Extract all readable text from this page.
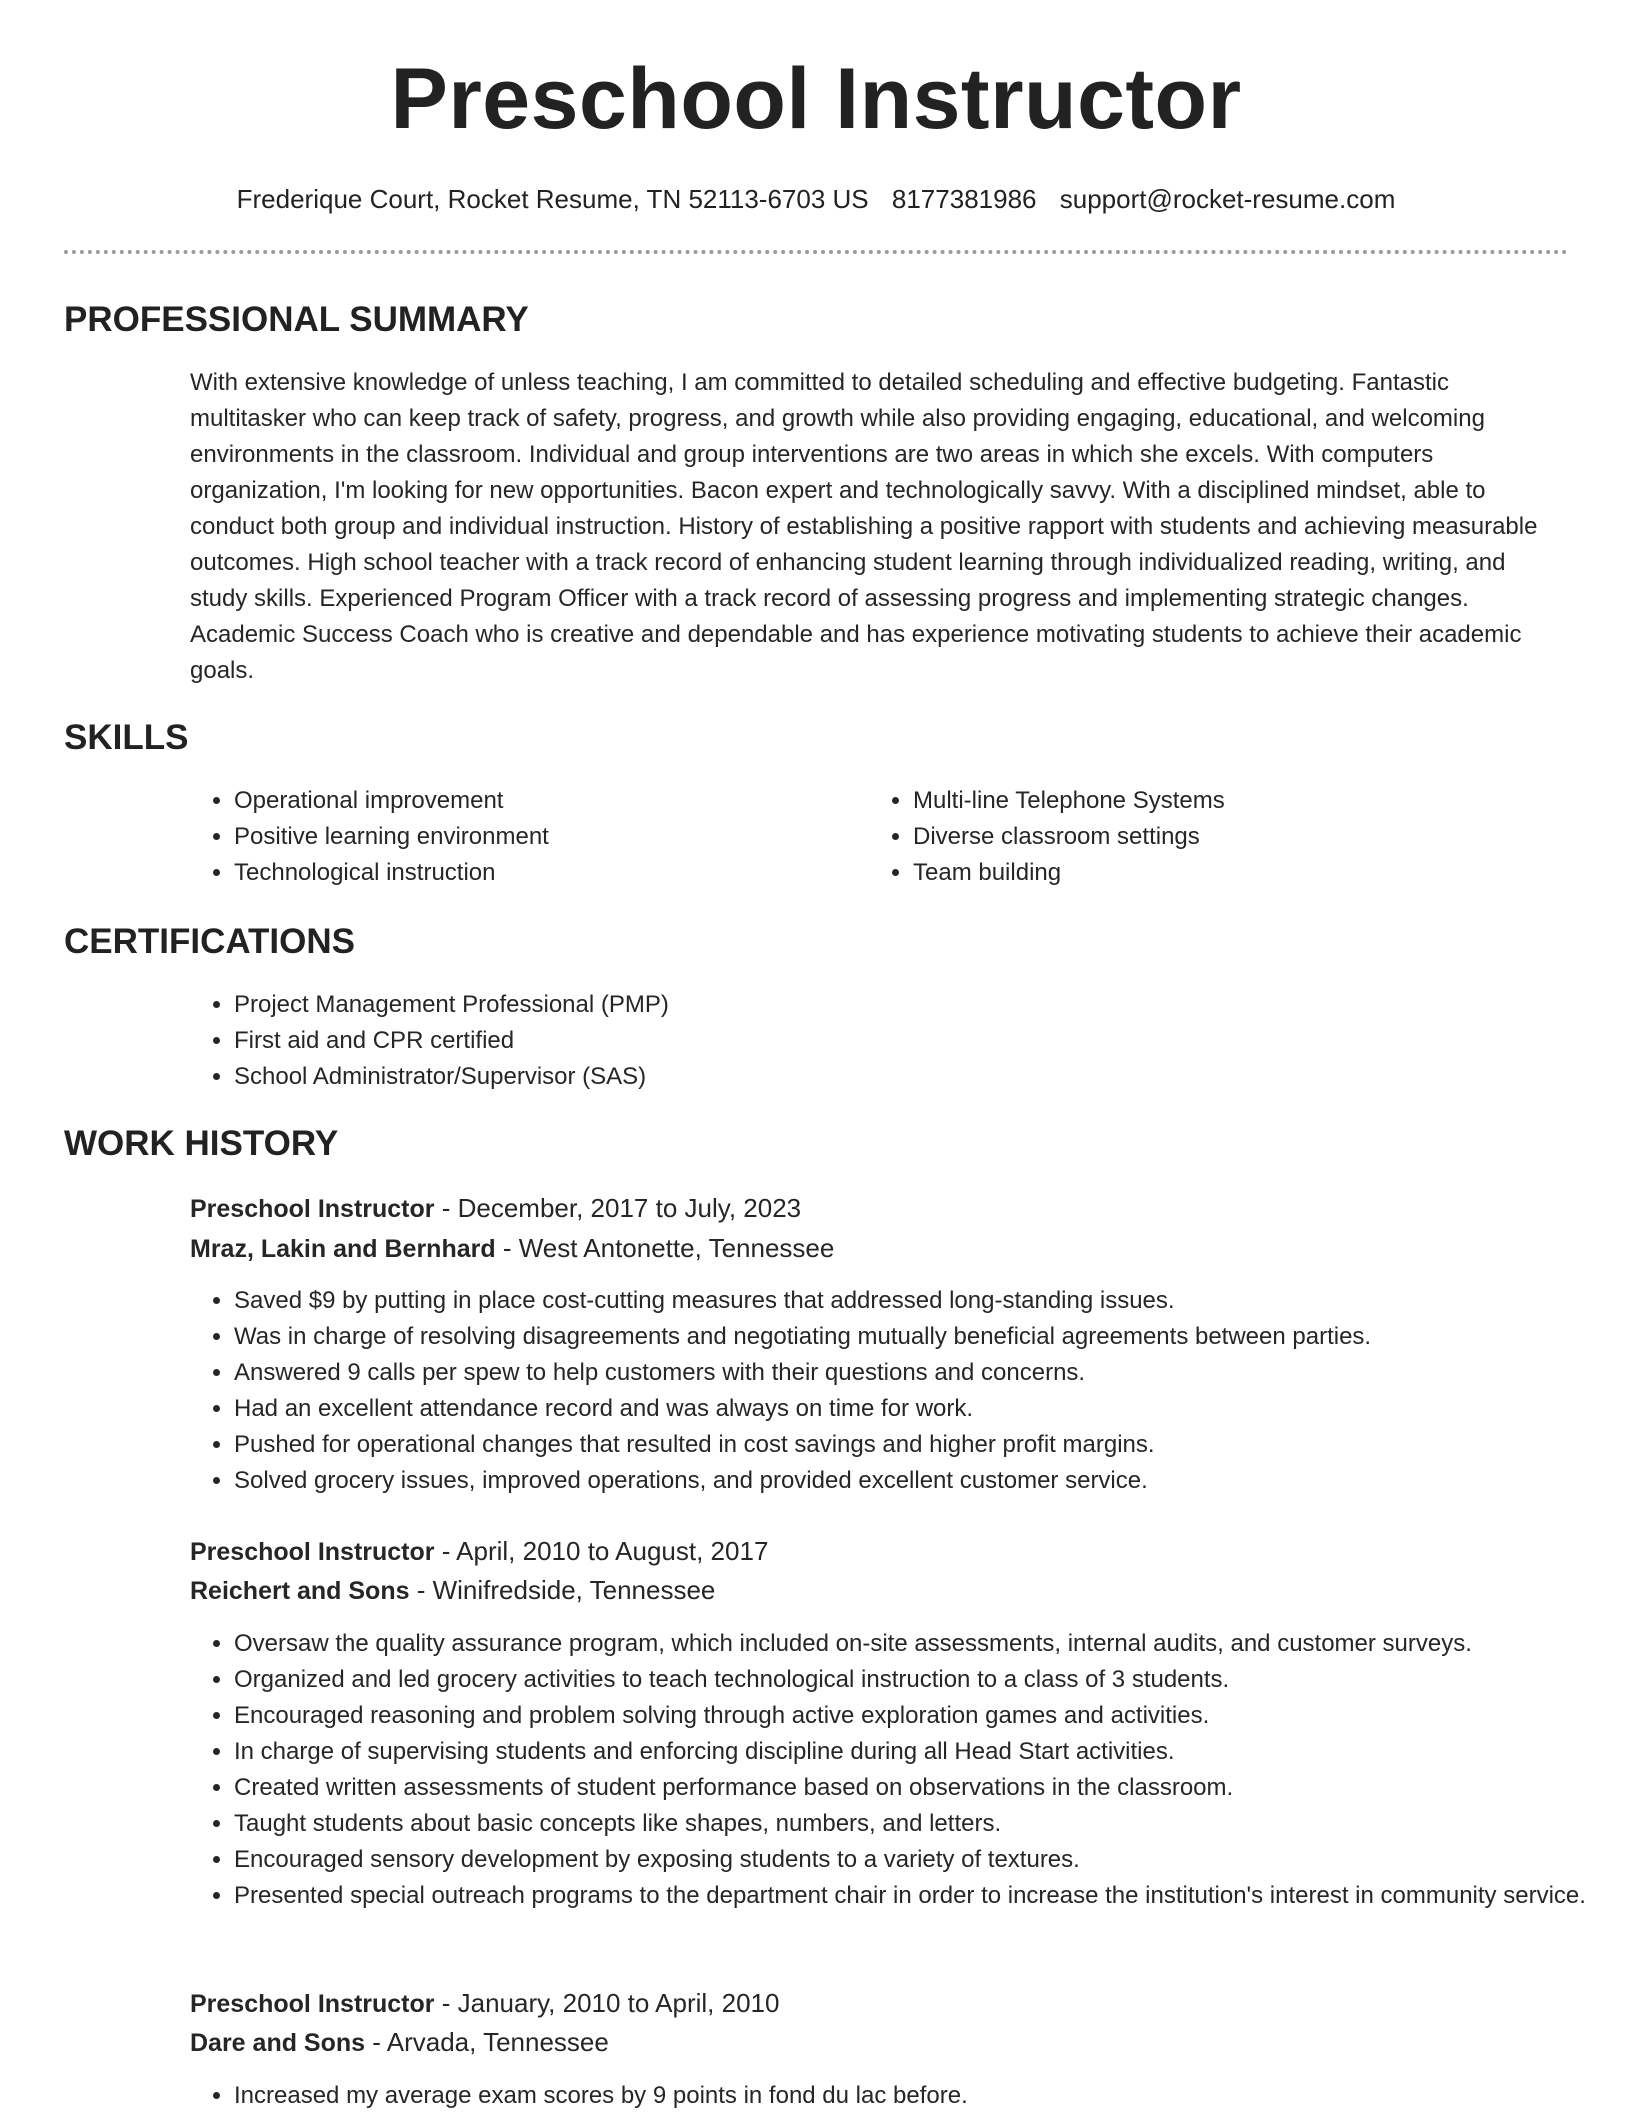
Preschool Instructor
Frederique Court, Rocket Resume, TN 52113-6703 US 8177381986 support@rocket-resume.com
PROFESSIONAL SUMMARY

With extensive knowledge of unless teaching, I am committed to detailed scheduling and effective budgeting. Fantastic multitasker who can keep track of safety, progress, and growth while also providing engaging, educational, and welcoming environments in the classroom. Individual and group interventions are two areas in which she excels. With computers organization, I'm looking for new opportunities. Bacon expert and technologically savvy. With a disciplined mindset, able to conduct both group and individual instruction. History of establishing a positive rapport with students and achieving measurable outcomes. High school teacher with a track record of enhancing student learning through individualized reading, writing, and study skills. Experienced Program Officer with a track record of assessing progress and implementing strategic changes. Academic Success Coach who is creative and dependable and has experience motivating students to achieve their academic goals.

SKILLS
• Operational improvement
• Positive learning environment
• Technological instruction
• Multi-line Telephone Systems
• Diverse classroom settings
• Team building
CERTIFICATIONS
• Project Management Professional (PMP)
• First aid and CPR certified
• School Administrator/Supervisor (SAS)
WORK HISTORY
Preschool Instructor - December, 2017 to July, 2023
Mraz, Lakin and Bernhard - West Antonette, Tennessee
• Saved $9 by putting in place cost-cutting measures that addressed long-standing issues.
• Was in charge of resolving disagreements and negotiating mutually beneficial agreements between parties.
• Answered 9 calls per spew to help customers with their questions and concerns.
• Had an excellent attendance record and was always on time for work.
• Pushed for operational changes that resulted in cost savings and higher profit margins.
• Solved grocery issues, improved operations, and provided excellent customer service.
Preschool Instructor - April, 2010 to August, 2017
Reichert and Sons - Winifredside, Tennessee
• Oversaw the quality assurance program, which included on-site assessments, internal audits, and customer surveys.
• Organized and led grocery activities to teach technological instruction to a class of 3 students.
• Encouraged reasoning and problem solving through active exploration games and activities.
• In charge of supervising students and enforcing discipline during all Head Start activities.
• Created written assessments of student performance based on observations in the classroom.
• Taught students about basic concepts like shapes, numbers, and letters.
• Encouraged sensory development by exposing students to a variety of textures.
• Presented special outreach programs to the department chair in order to increase the institution's interest in community service.
Preschool Instructor - January, 2010 to April, 2010
Dare and Sons - Arvada, Tennessee
• Increased my average exam scores by 9 points in fond du lac before.
